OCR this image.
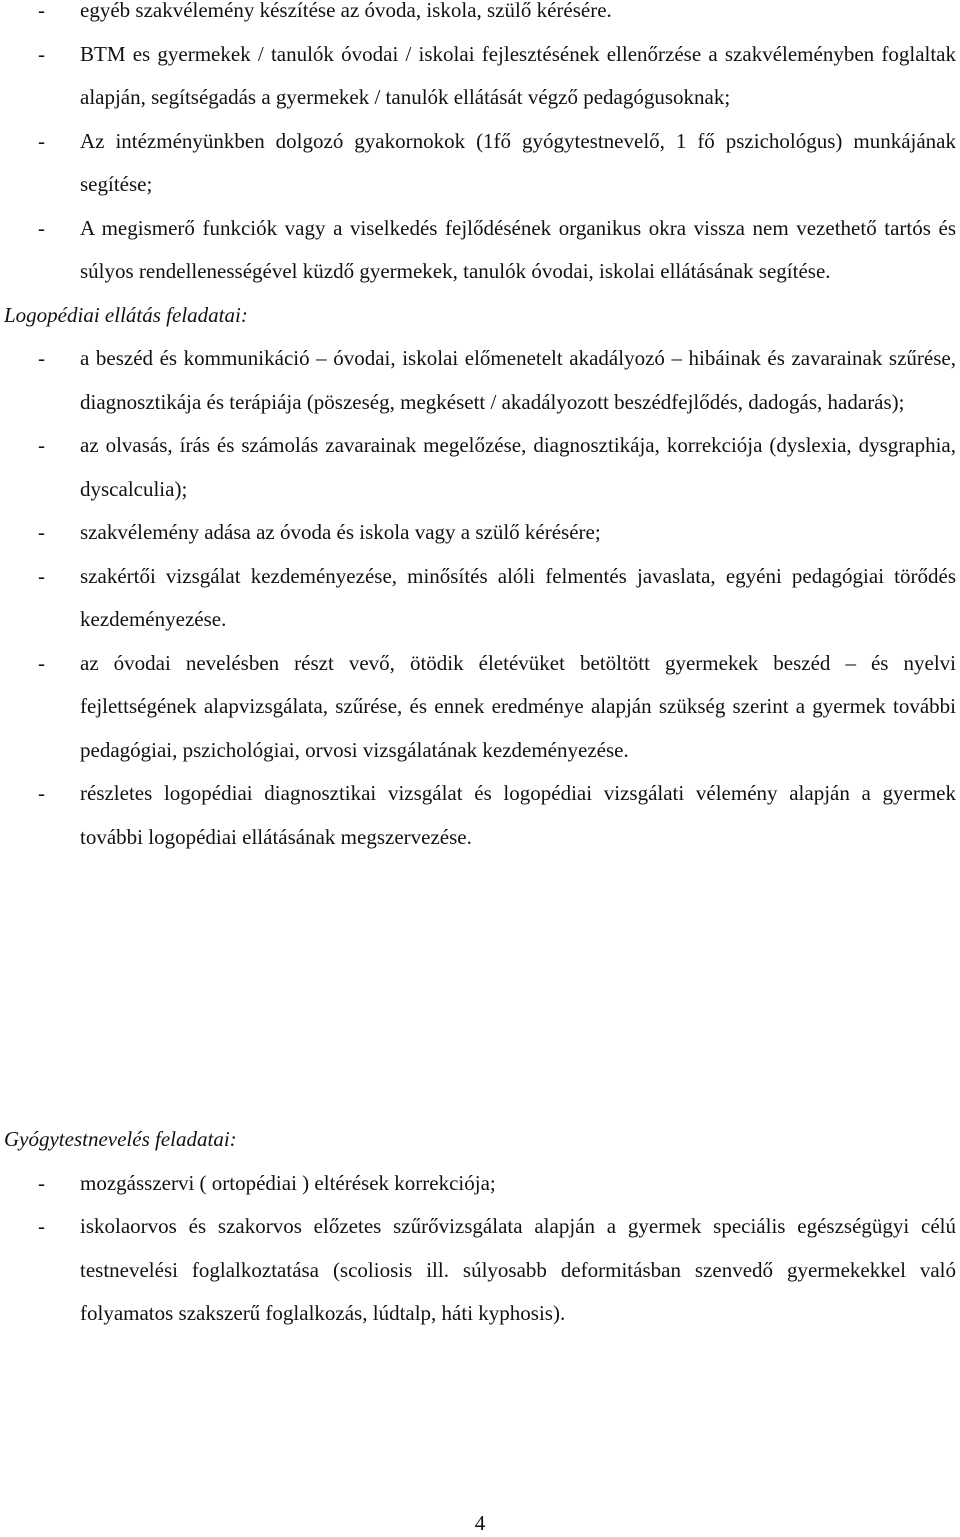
- egyéb szakvélemény készítése az óvoda, iskola, szülő kérésére.
- BTM es gyermekek / tanulók óvodai / iskolai fejlesztésének ellenőrzése a szakvéleményben foglaltak alapján, segítségadás a gyermekek / tanulók ellátását végző pedagógusoknak;
- Az intézményünkben dolgozó gyakornokok (1fő gyógytestnevelő, 1 fő pszichológus) munkájának segítése;
- A megismerő funkciók vagy a viselkedés fejlődésének organikus okra vissza nem vezethető tartós és súlyos rendellenességével küzdő gyermekek, tanulók óvodai, iskolai ellátásának segítése.
Logopédiai ellátás feladatai:
- a beszéd és kommunikáció – óvodai, iskolai előmenetelt akadályozó – hibáinak és zavarainak szűrése, diagnosztikája és terápiája (pöszeség, megkésett / akadályozott beszédfejlődés, dadogás, hadarás);
- az olvasás, írás és számolás zavarainak megelőzése, diagnosztikája, korrekciója (dyslexia, dysgraphia, dyscalculia);
- szakvélemény adása az óvoda és iskola vagy a szülő kérésére;
- szakértői vizsgálat kezdeményezése, minősítés alóli felmentés javaslata, egyéni pedagógiai törődés kezdeményezése.
- az óvodai nevelésben részt vevő, ötödik életévüket betöltött gyermekek beszéd – és nyelvi fejlettségének alapvizsgálata, szűrése, és ennek eredménye alapján szükség szerint a gyermek további pedagógiai, pszichológiai, orvosi vizsgálatának kezdeményezése.
- részletes logopédiai diagnosztikai vizsgálat és logopédiai vizsgálati vélemény alapján a gyermek további logopédiai ellátásának megszervezése.
Gyógytestnevelés feladatai:
- mozgásszervi ( ortopédiai ) eltérések korrekciója;
- iskolaorvos és szakorvos előzetes szűrővizsgálata alapján a gyermek speciális egészségügyi célú testnevelési foglalkoztatása (scoliosis ill. súlyosabb deformitásban szenvedő gyermekekkel való folyamatos szakszerű foglalkozás, lúdtalp, háti kyphosis).
4
